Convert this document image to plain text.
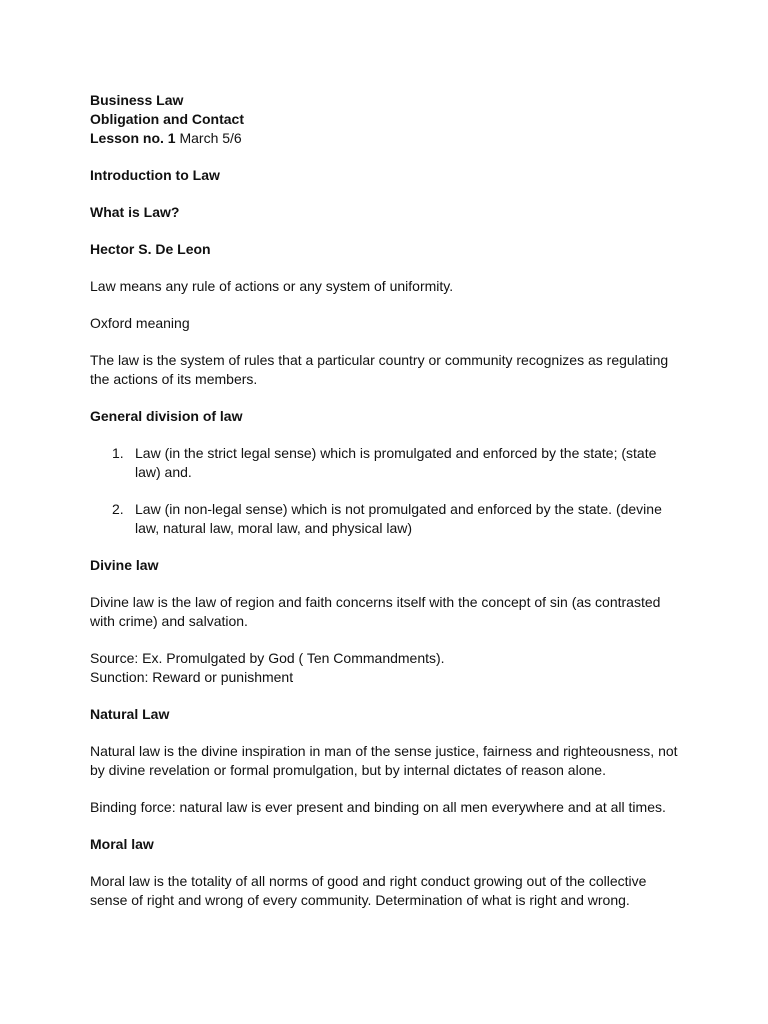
Business Law

Obligation and Contact

Lesson no. 1 March 5/6

Introduction to Law

What is Law?

Hector S. De Leon

Law means any rule of actions or any system of uniformity.

Oxford meaning

The law is the system of rules that a particular country or community recognizes as regulating the actions of its members.

General division of law

1. Law (in the strict legal sense) which is promulgated and enforced by the state; (state law) and.
2. Law (in non-legal sense) which is not promulgated and enforced by the state. (devine law, natural law, moral law, and physical law)

Divine law

Divine law is the law of region and faith concerns itself with the concept of sin (as contrasted with crime) and salvation.

Source: Ex. Promulgated by God ( Ten Commandments).

Sunction: Reward or punishment

Natural Law

Natural law is the divine inspiration in man of the sense justice, fairness and righteousness, not by divine revelation or formal promulgation, but by internal dictates of reason alone.

Binding force: natural law is ever present and binding on all men everywhere and at all times.

Moral law

Moral law is the totality of all norms of good and right conduct growing out of the collective sense of right and wrong of every community. Determination of what is right and wrong.
